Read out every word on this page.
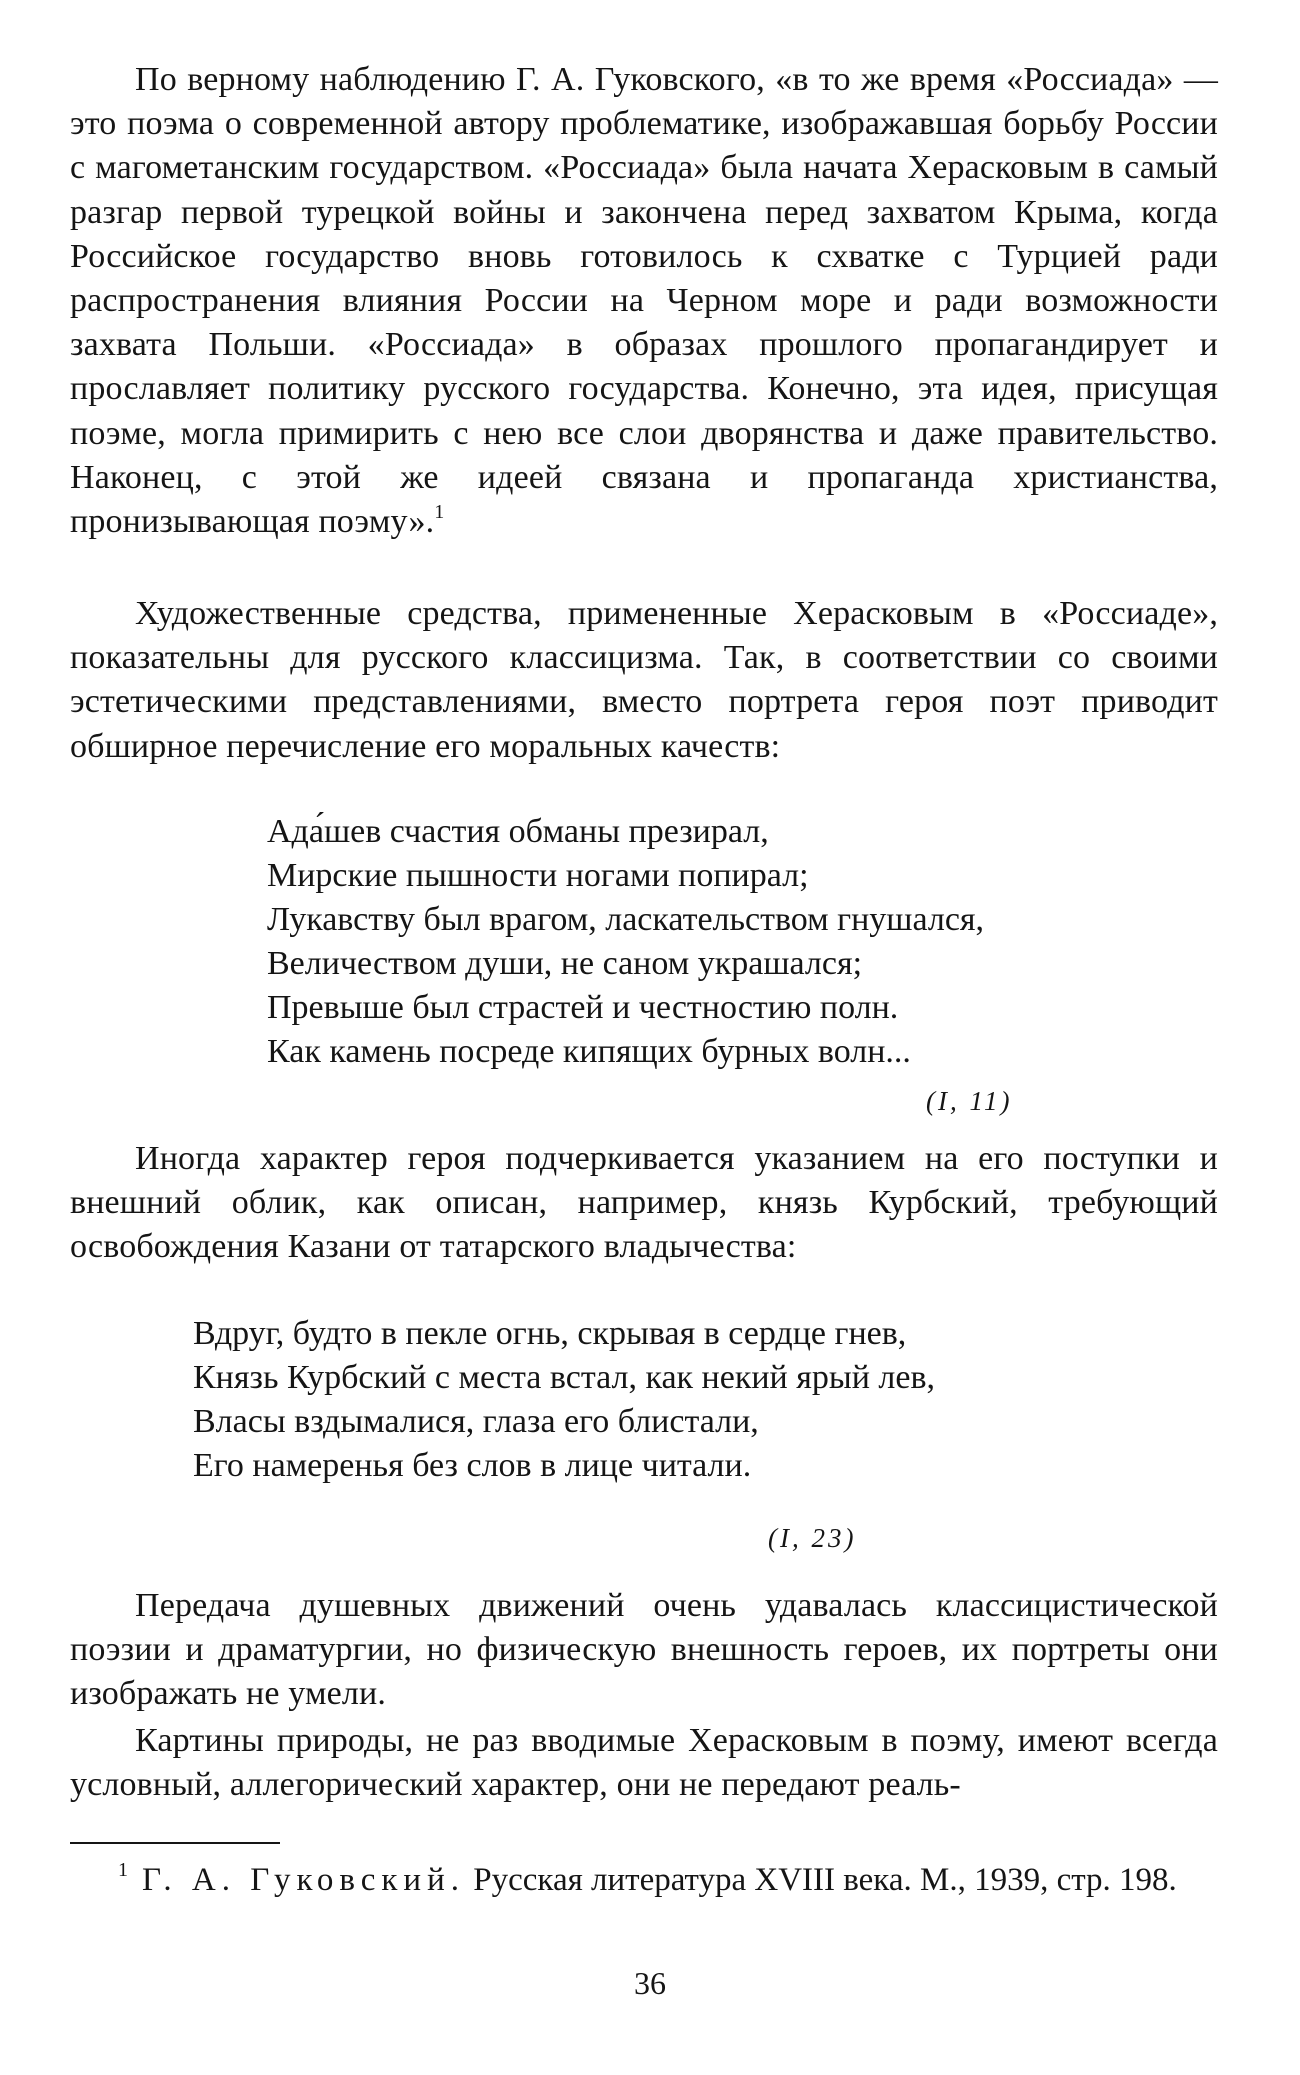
По верному наблюдению Г. А. Гуковского, «в то же время «Россиада» — это поэма о современной автору проблематике, изображавшая борьбу России с магометанским государством. «Россиада» была начата Херасковым в самый разгар первой турецкой войны и закончена перед захватом Крыма, когда Российское государство вновь готовилось к схватке с Турцией ради распространения влияния России на Черном море и ради возможности захвата Польши. «Россиада» в образах прошлого пропагандирует и прославляет политику русского государства. Конечно, эта идея, присущая поэме, могла примирить с нею все слои дворянства и даже правительство. Наконец, с этой же идеей связана и пропаганда христианства, пронизывающая поэму».$^1$

Художественные средства, примененные Херасковым в «Россиаде», показательны для русского классицизма. Так, в соответствии со своими эстетическими представлениями, вместо портрета героя поэт приводит обширное перечисление его моральных качеств:

Ада́шев счастия обманы презирал,
Мирские пышности ногами попирал;
Лукавству был врагом, ласкательством гнушался,
Величеством души, не саном украшался;
Превыше был страстей и честностию полн.
Как камень посреде кипящих бурных волн...
(I, 11)

Иногда характер героя подчеркивается указанием на его поступки и внешний облик, как описан, например, князь Курбский, требующий освобождения Казани от татарского владычества:

Вдруг, будто в пекле огнь, скрывая в сердце гнев,
Князь Курбский с места встал, как некий ярый лев,
Власы вздымалися, глаза его блистали,
Его намеренья без слов в лице читали.
(I, 23)

Передача душевных движений очень удавалась классицистической поэзии и драматургии, но физическую внешность героев, их портреты они изображать не умели.

Картины природы, не раз вводимые Херасковым в поэму, имеют всегда условный, аллегорический характер, они не передают реаль-

$^1$ Г. А. Гуковский. Русская литература XVIII века. М., 1939, стр. 198.

36
